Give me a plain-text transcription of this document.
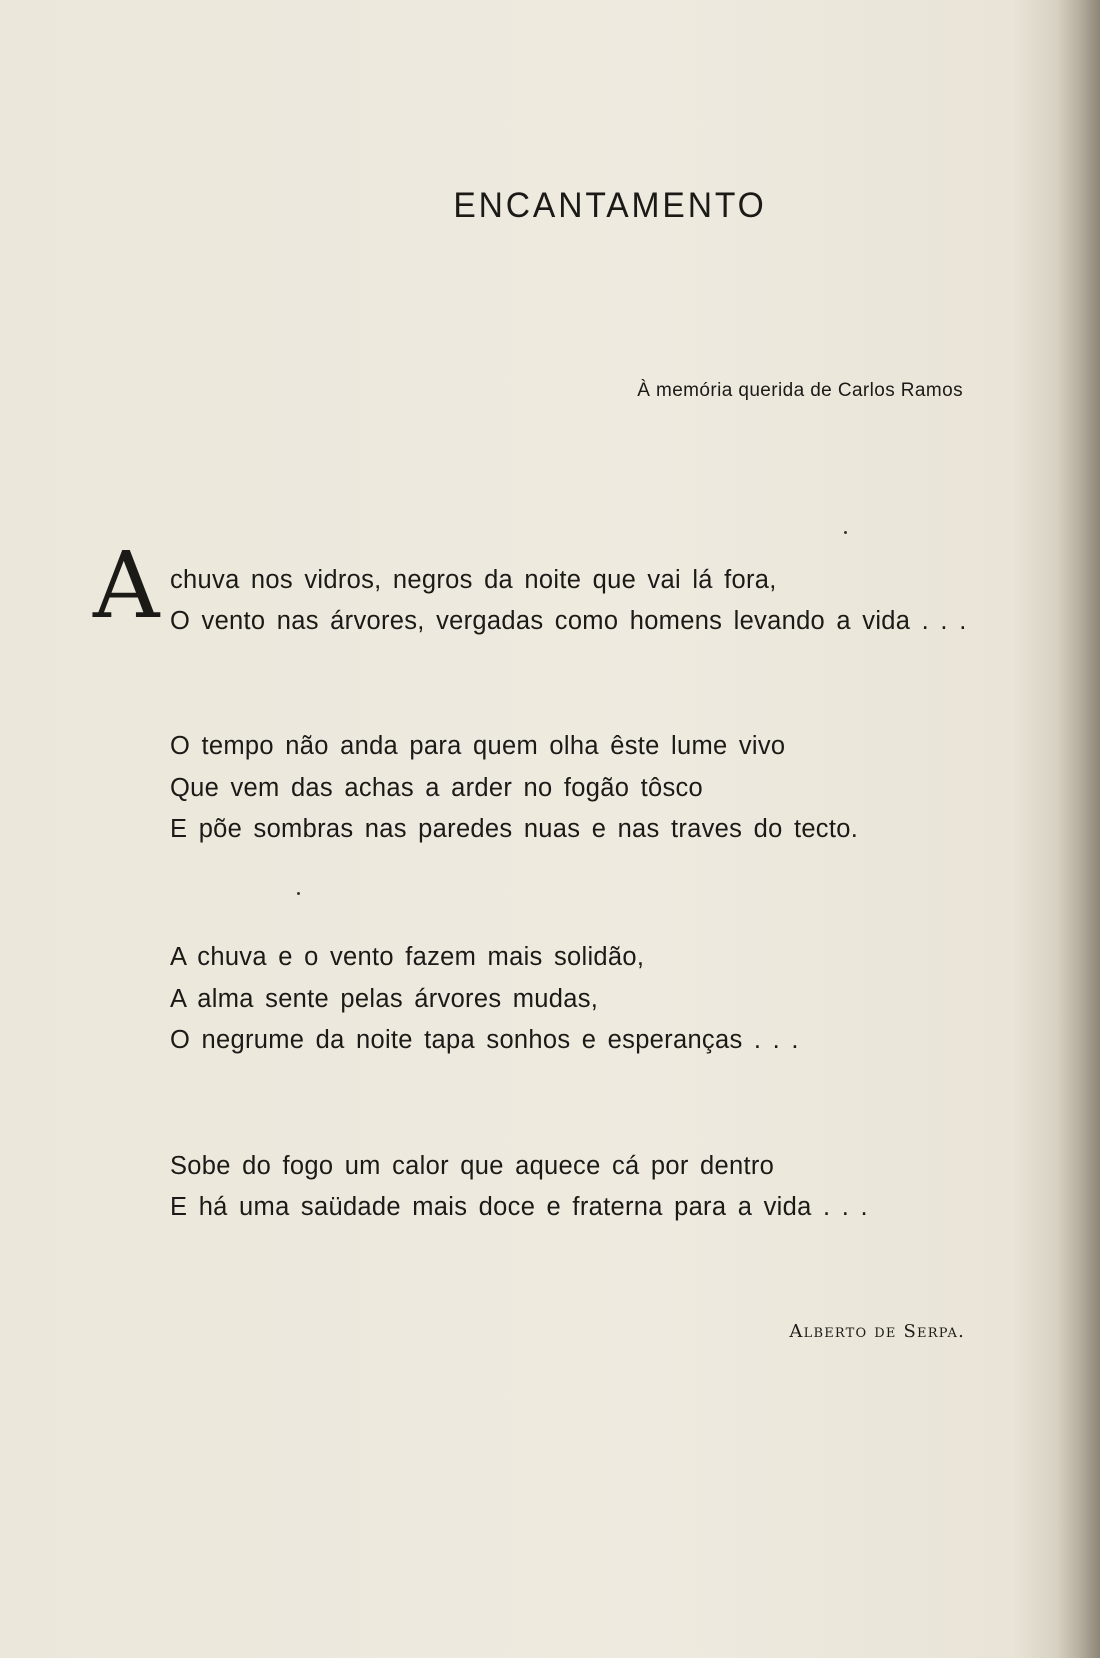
ENCANTAMENTO
À memória querida de Carlos Ramos
A chuva nos vidros, negros da noite que vai lá fora,
O vento nas árvores, vergadas como homens levando a vida . . .
O tempo não anda para quem olha êste lume vivo
Que vem das achas a arder no fogão tôsco
E põe sombras nas paredes nuas e nas traves do tecto.
A chuva e o vento fazem mais solidão,
A alma sente pelas árvores mudas,
O negrume da noite tapa sonhos e esperanças . . .
Sobe do fogo um calor que aquece cá por dentro
E há uma saüdade mais doce e fraterna para a vida . . .
Alberto de Serpa.
